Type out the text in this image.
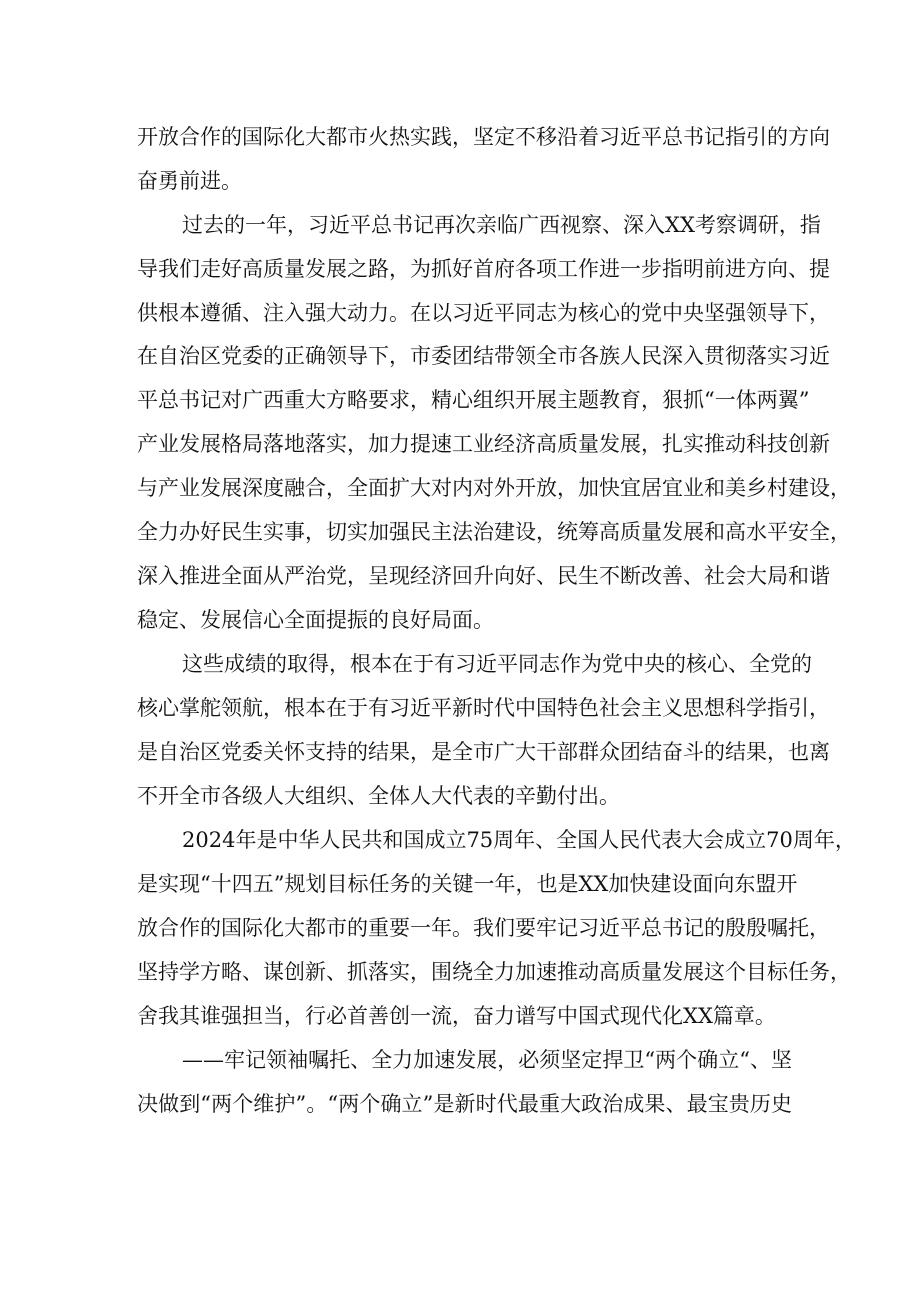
开放合作的国际化大都市火热实践，坚定不移沿着习近平总书记指引的方向
奋勇前进。
过去的一年，习近平总书记再次亲临广西视察、深入XX考察调研，指
导我们走好高质量发展之路，为抓好首府各项工作进一步指明前进方向、提
供根本遵循、注入强大动力。在以习近平同志为核心的党中央坚强领导下，
在自治区党委的正确领导下，市委团结带领全市各族人民深入贯彻落实习近
平总书记对广西重大方略要求，精心组织开展主题教育，狠抓“一体两翼”
产业发展格局落地落实，加力提速工业经济高质量发展，扎实推动科技创新
与产业发展深度融合，全面扩大对内对外开放，加快宜居宜业和美乡村建设，
全力办好民生实事，切实加强民主法治建设，统筹高质量发展和高水平安全，
深入推进全面从严治党，呈现经济回升向好、民生不断改善、社会大局和谐
稳定、发展信心全面提振的良好局面。
这些成绩的取得，根本在于有习近平同志作为党中央的核心、全党的
核心掌舵领航，根本在于有习近平新时代中国特色社会主义思想科学指引，
是自治区党委关怀支持的结果，是全市广大干部群众团结奋斗的结果，也离
不开全市各级人大组织、全体人大代表的辛勤付出。
2024年是中华人民共和国成立75周年、全国人民代表大会成立70周年，
是实现“十四五”规划目标任务的关键一年，也是XX加快建设面向东盟开
放合作的国际化大都市的重要一年。我们要牢记习近平总书记的殷殷嘱托，
坚持学方略、谋创新、抓落实，围绕全力加速推动高质量发展这个目标任务，
舍我其谁强担当，行必首善创一流，奋力谱写中国式现代化XX篇章。
——牢记领袖嘱托、全力加速发展，必须坚定捍卫“两个确立“、坚
决做到“两个维护”。“两个确立”是新时代最重大政治成果、最宝贵历史
